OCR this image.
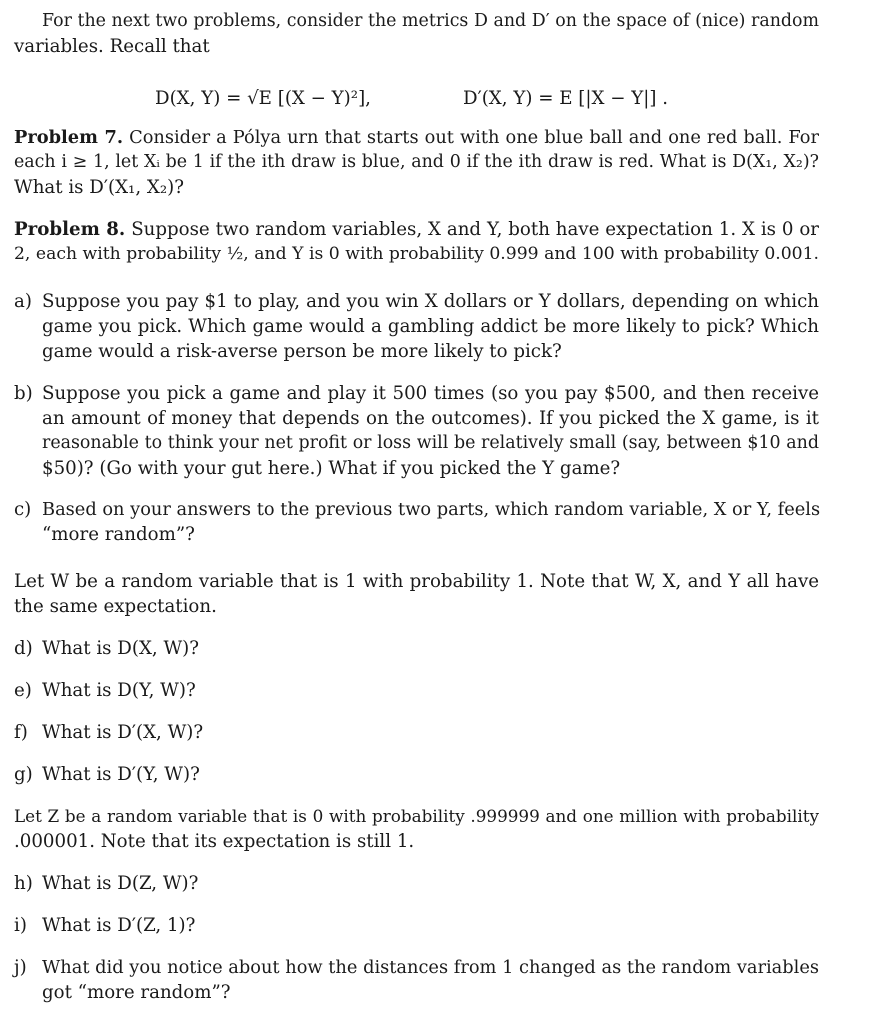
For the next two problems, consider the metrics D and D′ on the space of (nice) random
variables. Recall that
D(X, Y) = √E [(X − Y)²],	D′(X, Y) = E [|X − Y|] .
Problem 7. Consider a Pólya urn that starts out with one blue ball and one red ball. For
each i ≥ 1, let Xᵢ be 1 if the ith draw is blue, and 0 if the ith draw is red. What is D(X₁, X₂)?
What is D′(X₁, X₂)?
Problem 8. Suppose two random variables, X and Y, both have expectation 1. X is 0 or
2, each with probability ½, and Y is 0 with probability 0.999 and 100 with probability 0.001.
a) Suppose you pay $1 to play, and you win X dollars or Y dollars, depending on which
game you pick. Which game would a gambling addict be more likely to pick? Which
game would a risk-averse person be more likely to pick?
b) Suppose you pick a game and play it 500 times (so you pay $500, and then receive
an amount of money that depends on the outcomes). If you picked the X game, is it
reasonable to think your net profit or loss will be relatively small (say, between $10 and
$50)? (Go with your gut here.) What if you picked the Y game?
c) Based on your answers to the previous two parts, which random variable, X or Y, feels
“more random”?
Let W be a random variable that is 1 with probability 1. Note that W, X, and Y all have
the same expectation.
d) What is D(X, W)?
e) What is D(Y, W)?
f) What is D′(X, W)?
g) What is D′(Y, W)?
Let Z be a random variable that is 0 with probability .999999 and one million with probability
.000001. Note that its expectation is still 1.
h) What is D(Z, W)?
i) What is D′(Z, 1)?
j) What did you notice about how the distances from 1 changed as the random variables
got “more random”?
